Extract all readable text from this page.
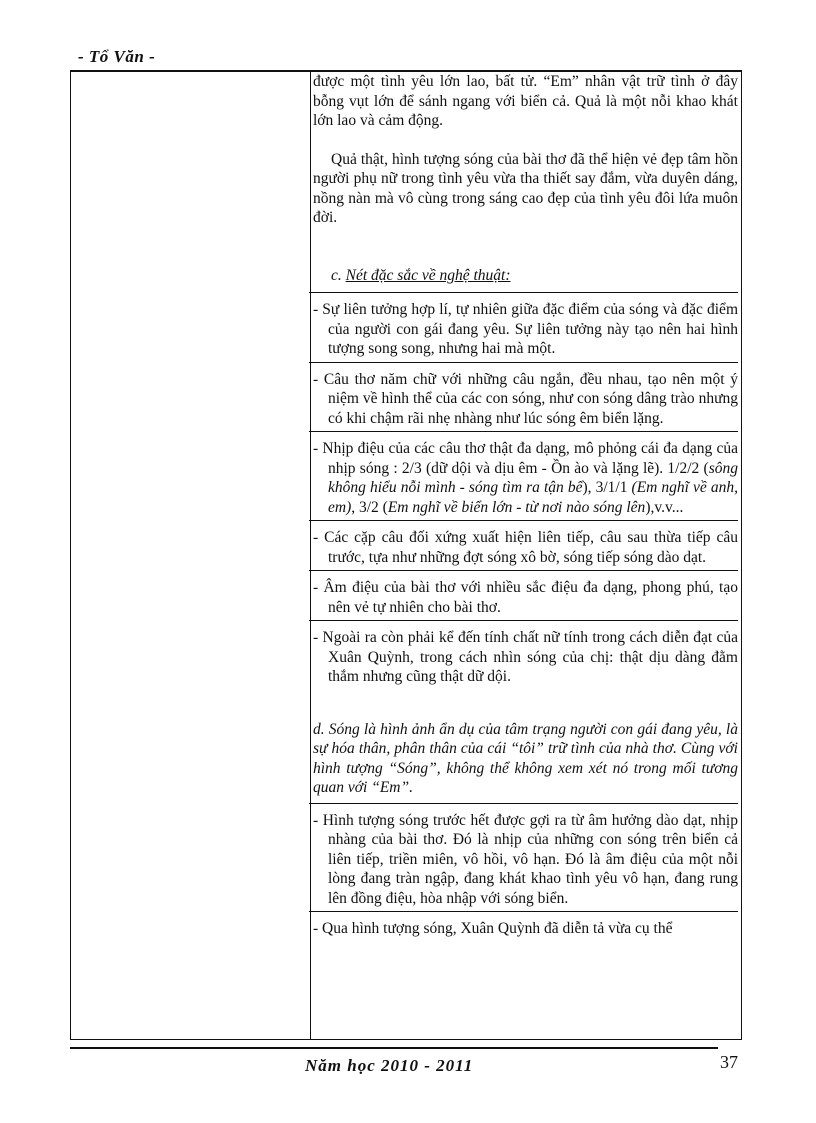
- Tổ Văn -

được một tình yêu lớn lao, bất tử. “Em” nhân vật trữ tình ở đây bỗng vụt lớn để sánh ngang với biển cả. Quả là một nỗi khao khát lớn lao và cảm động.

Quả thật, hình tượng sóng của bài thơ đã thể hiện vẻ đẹp tâm hồn người phụ nữ trong tình yêu vừa tha thiết say đắm, vừa duyên dáng, nồng nàn mà vô cùng trong sáng cao đẹp của tình yêu đôi lứa muôn đời.

c. Nét đặc sắc về nghệ thuật:

- Sự liên tưởng hợp lí, tự nhiên giữa đặc điểm của sóng và đặc điểm của người con gái đang yêu. Sự liên tưởng này tạo nên hai hình tượng song song, nhưng hai mà một.

- Câu thơ năm chữ với những câu ngắn, đều nhau, tạo nên một ý niệm về hình thể của các con sóng, như con sóng dâng trào nhưng có khi chậm rãi nhẹ nhàng như lúc sóng êm biển lặng.

- Nhịp điệu của các câu thơ thật đa dạng, mô phỏng cái đa dạng của nhịp sóng : 2/3 (dữ dội và dịu êm - Ồn ào và lặng lẽ). 1/2/2 (sông không hiểu nỗi mình - sóng tìm ra tận bể), 3/1/1 (Em nghĩ về anh, em), 3/2 (Em nghĩ về biển lớn - từ nơi nào sóng lên),v.v...

- Các cặp câu đối xứng xuất hiện liên tiếp, câu sau thừa tiếp câu trước, tựa như những đợt sóng xô bờ, sóng tiếp sóng dào dạt.

- Âm điệu của bài thơ với nhiều sắc điệu đa dạng, phong phú, tạo nên vẻ tự nhiên cho bài thơ.

- Ngoài ra còn phải kể đến tính chất nữ tính trong cách diễn đạt của Xuân Quỳnh, trong cách nhìn sóng của chị: thật dịu dàng đằm thắm nhưng cũng thật dữ dội.

d. Sóng là hình ảnh ẩn dụ của tâm trạng người con gái đang yêu, là sự hóa thân, phân thân của cái “tôi” trữ tình của nhà thơ. Cùng với hình tượng “Sóng”, không thể không xem xét nó trong mối tương quan với “Em”.

- Hình tượng sóng trước hết được gợi ra từ âm hưởng dào dạt, nhịp nhàng của bài thơ. Đó là nhịp của những con sóng trên biển cả liên tiếp, triền miên, vô hồi, vô hạn. Đó là âm điệu của một nỗi lòng đang tràn ngập, đang khát khao tình yêu vô hạn, đang rung lên đồng điệu, hòa nhập với sóng biển.

- Qua hình tượng sóng, Xuân Quỳnh đã diễn tả vừa cụ thể

Năm học 2010 - 2011	37
